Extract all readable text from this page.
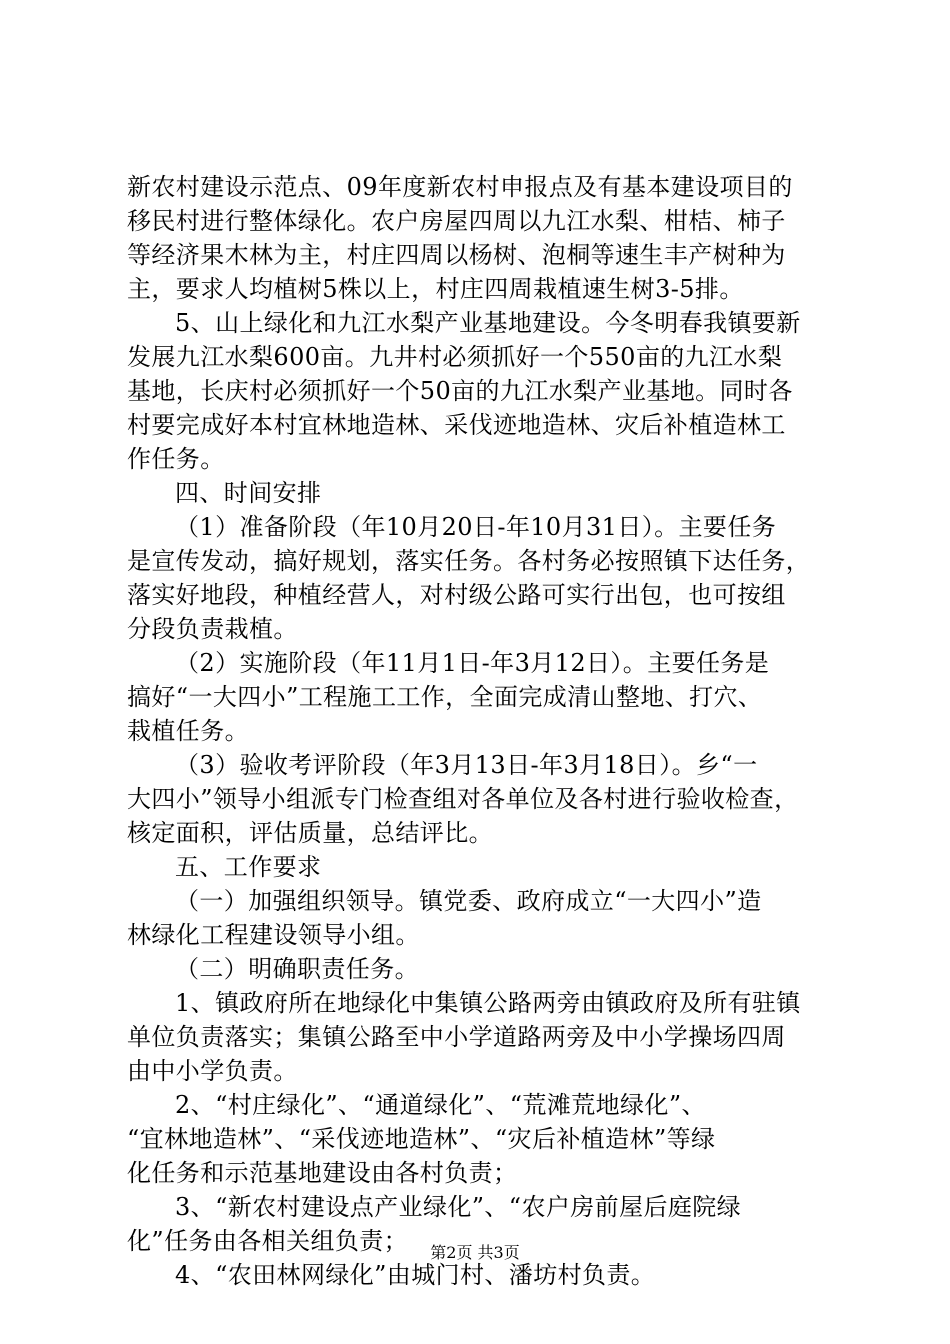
新农村建设示范点、09年度新农村申报点及有基本建设项目的
移民村进行整体绿化。农户房屋四周以九江水梨、柑桔、柿子
等经济果木林为主，村庄四周以杨树、泡桐等速生丰产树种为
主，要求人均植树5株以上，村庄四周栽植速生树3-5排。
5、山上绿化和九江水梨产业基地建设。今冬明春我镇要新
发展九江水梨600亩。九井村必须抓好一个550亩的九江水梨
基地，长庆村必须抓好一个50亩的九江水梨产业基地。同时各
村要完成好本村宜林地造林、采伐迹地造林、灾后补植造林工
作任务。
四、时间安排
（1）准备阶段（年10月20日-年10月31日）。主要任务
是宣传发动，搞好规划，落实任务。各村务必按照镇下达任务，
落实好地段，种植经营人，对村级公路可实行出包，也可按组
分段负责栽植。
（2）实施阶段（年11月1日-年3月12日）。主要任务是
搞好“一大四小”工程施工工作，全面完成清山整地、打穴、
栽植任务。
（3）验收考评阶段（年3月13日-年3月18日）。乡“一
大四小”领导小组派专门检查组对各单位及各村进行验收检查，
核定面积，评估质量，总结评比。
五、工作要求
（一）加强组织领导。镇党委、政府成立“一大四小”造
林绿化工程建设领导小组。
（二）明确职责任务。
1、镇政府所在地绿化中集镇公路两旁由镇政府及所有驻镇
单位负责落实；集镇公路至中小学道路两旁及中小学操场四周
由中小学负责。
2、“村庄绿化”、“通道绿化”、“荒滩荒地绿化”、
“宜林地造林”、“采伐迹地造林”、“灾后补植造林”等绿
化任务和示范基地建设由各村负责；
3、“新农村建设点产业绿化”、“农户房前屋后庭院绿
化”任务由各相关组负责；
4、“农田林网绿化”由城门村、潘坊村负责。
第2页 共3页
